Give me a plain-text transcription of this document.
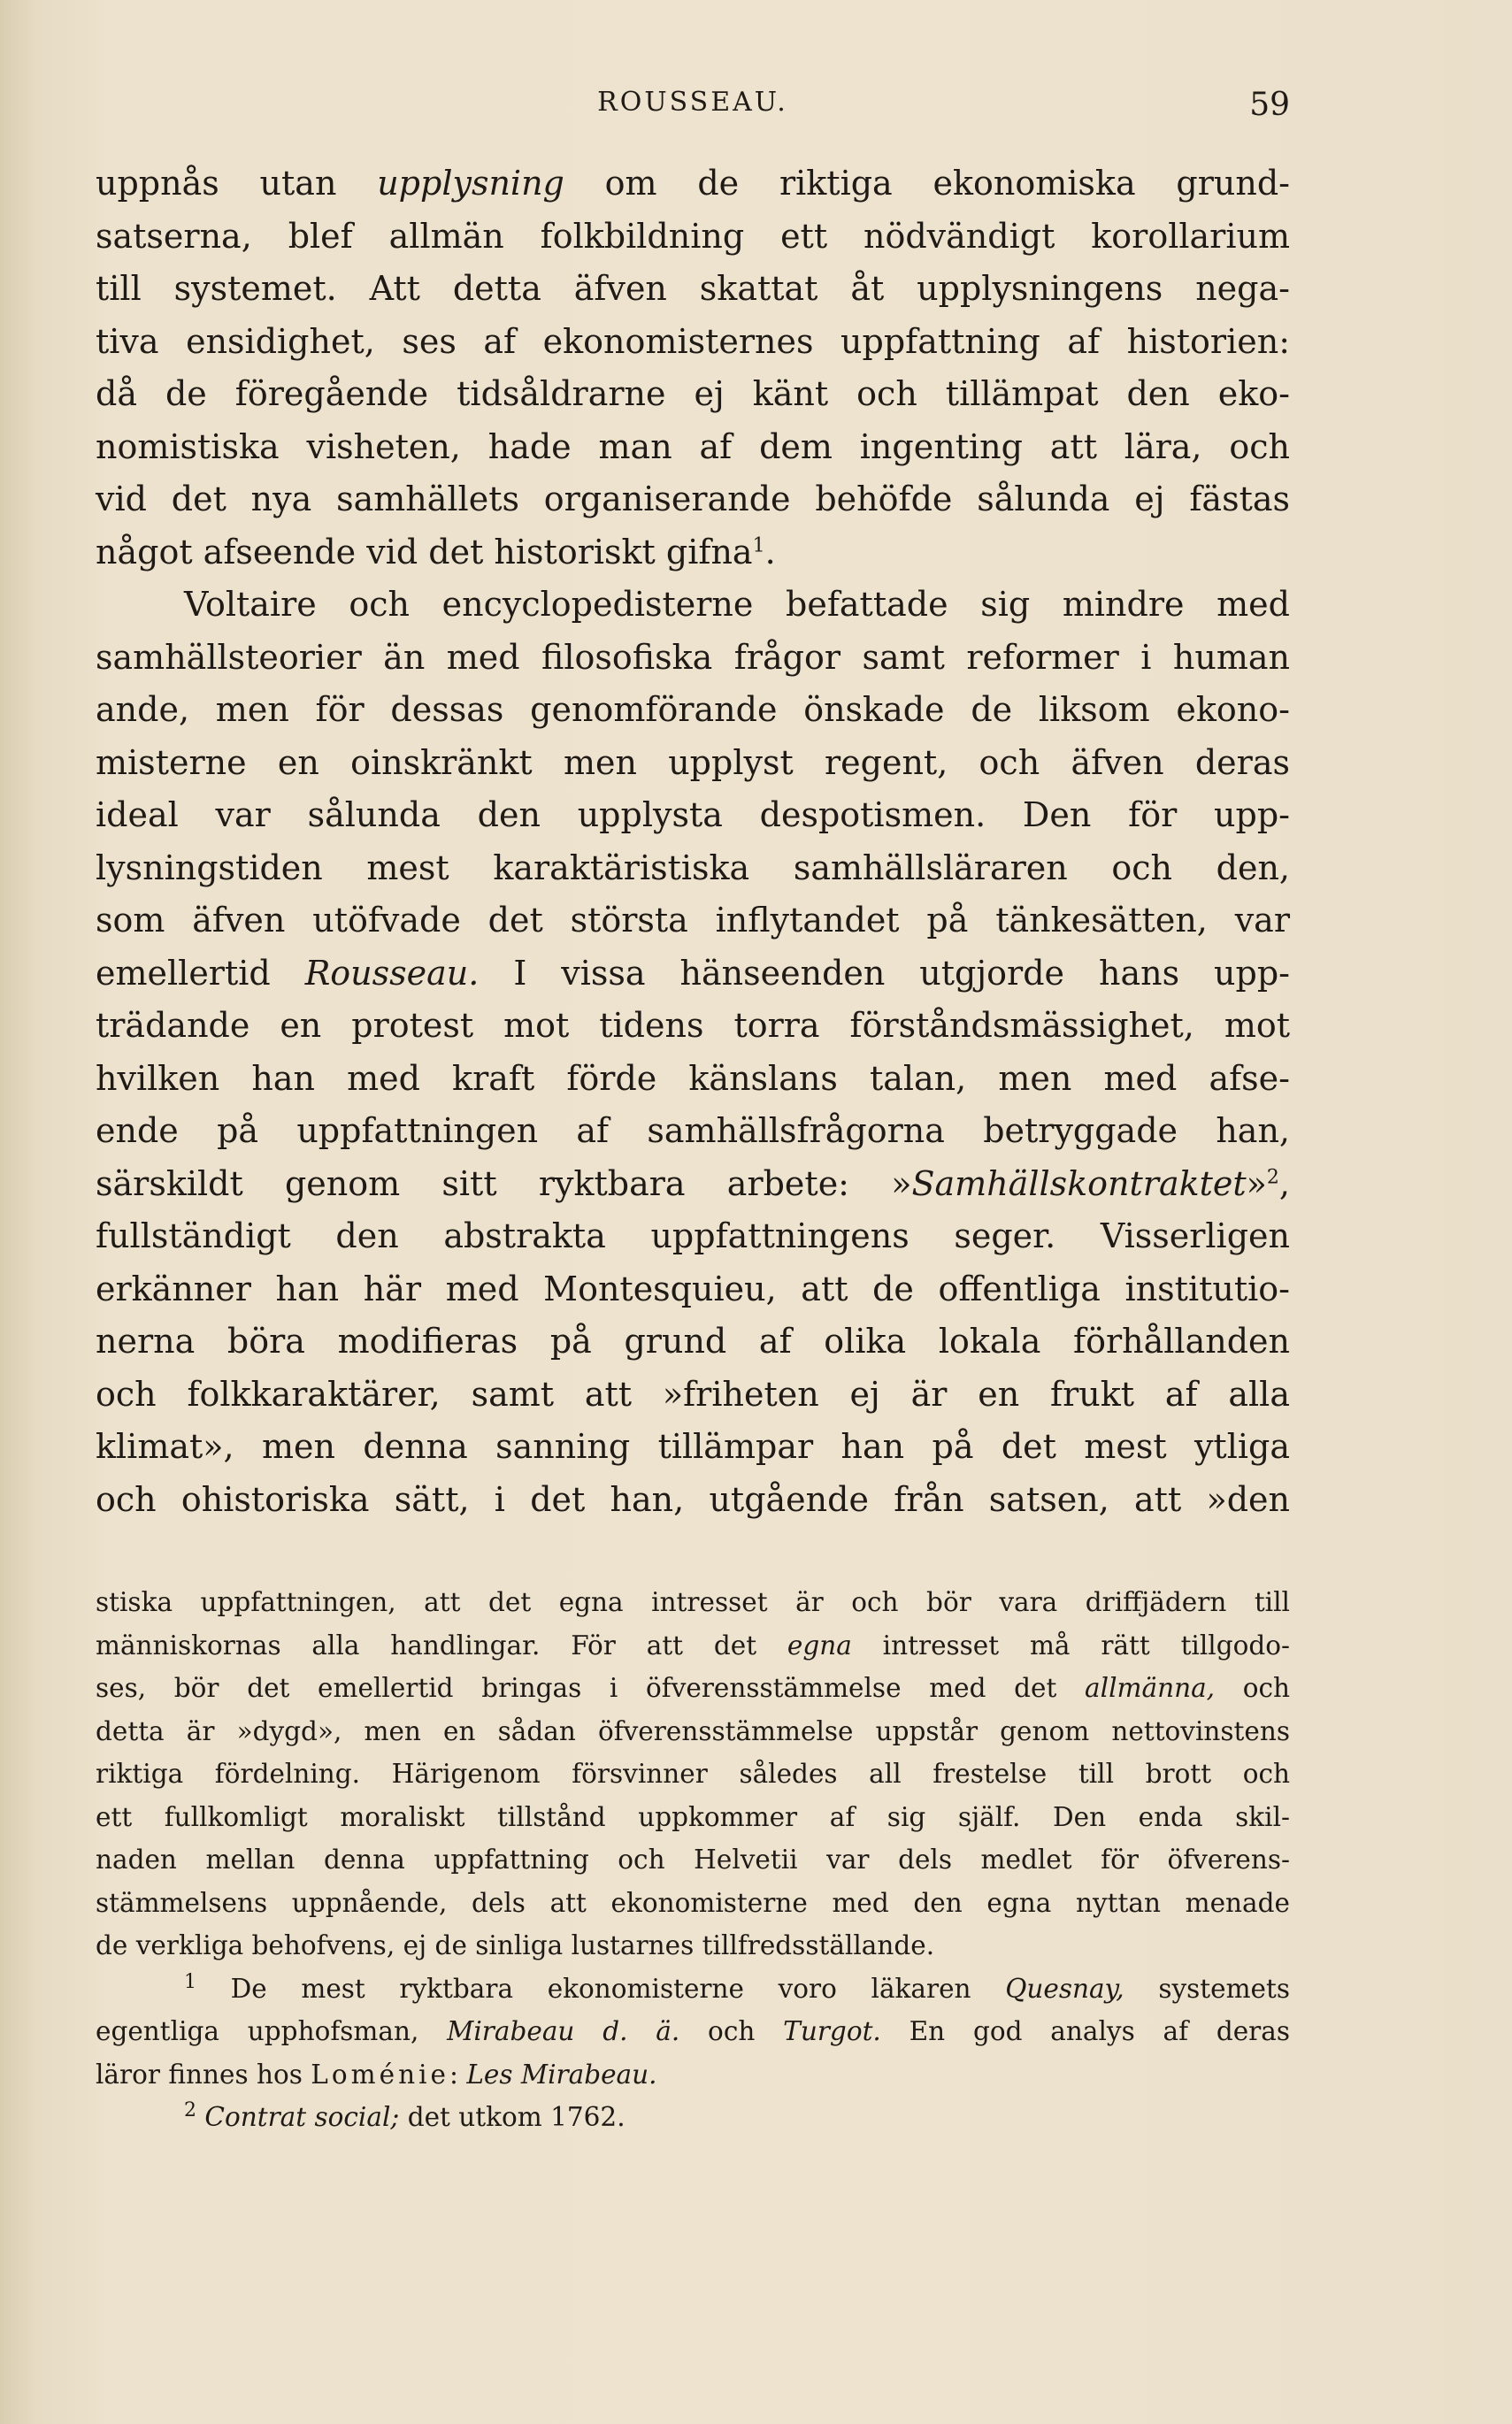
ROUSSEAU.	59
uppnås utan upplysning om de riktiga ekonomiska grund-
satserna, blef allmän folkbildning ett nödvändigt korollarium
till systemet. Att detta äfven skattat åt upplysningens nega-
tiva ensidighet, ses af ekonomisternes uppfattning af historien:
då de föregående tidsåldrarne ej känt och tillämpat den eko-
nomistiska visheten, hade man af dem ingenting att lära, och
vid det nya samhällets organiserande behöfde sålunda ej fästas
något afseende vid det historiskt gifna$^1$.
Voltaire och encyclopedisterne befattade sig mindre med
samhällsteorier än med filosofiska frågor samt reformer i human
ande, men för dessas genomförande önskade de liksom ekono-
misterne en oinskränkt men upplyst regent, och äfven deras
ideal var sålunda den upplysta despotismen. Den för upp-
lysningstiden mest karaktäristiska samhällsläraren och den,
som äfven utöfvade det största inflytandet på tänkesätten, var
emellertid Rousseau. I vissa hänseenden utgjorde hans upp-
trädande en protest mot tidens torra förståndsmässighet, mot
hvilken han med kraft förde känslans talan, men med afse-
ende på uppfattningen af samhällsfrågorna betryggade han,
särskildt genom sitt ryktbara arbete: »Samhällskontraktet»$^2$,
fullständigt den abstrakta uppfattningens seger. Visserligen
erkänner han här med Montesquieu, att de offentliga institutio-
nerna böra modifieras på grund af olika lokala förhållanden
och folkkaraktärer, samt att »friheten ej är en frukt af alla
klimat», men denna sanning tillämpar han på det mest ytliga
och ohistoriska sätt, i det han, utgående från satsen, att »den
stiska uppfattningen, att det egna intresset är och bör vara driffjädern till
människornas alla handlingar. För att det egna intresset må rätt tillgodo-
ses, bör det emellertid bringas i öfverensstämmelse med det allmänna, och
detta är »dygd», men en sådan öfverensstämmelse uppstår genom nettovinstens
riktiga fördelning. Härigenom försvinner således all frestelse till brott och
ett fullkomligt moraliskt tillstånd uppkommer af sig själf. Den enda skil-
naden mellan denna uppfattning och Helvetii var dels medlet för öfverens-
stämmelsens uppnående, dels att ekonomisterne med den egna nyttan menade
de verkliga behofvens, ej de sinliga lustarnes tillfredsställande.
$^1$ De mest ryktbara ekonomisterne voro läkaren Quesnay, systemets
egentliga upphofsman, Mirabeau d. ä. och Turgot. En god analys af deras
läror finnes hos Loménie: Les Mirabeau.
$^2$ Contrat social; det utkom 1762.
